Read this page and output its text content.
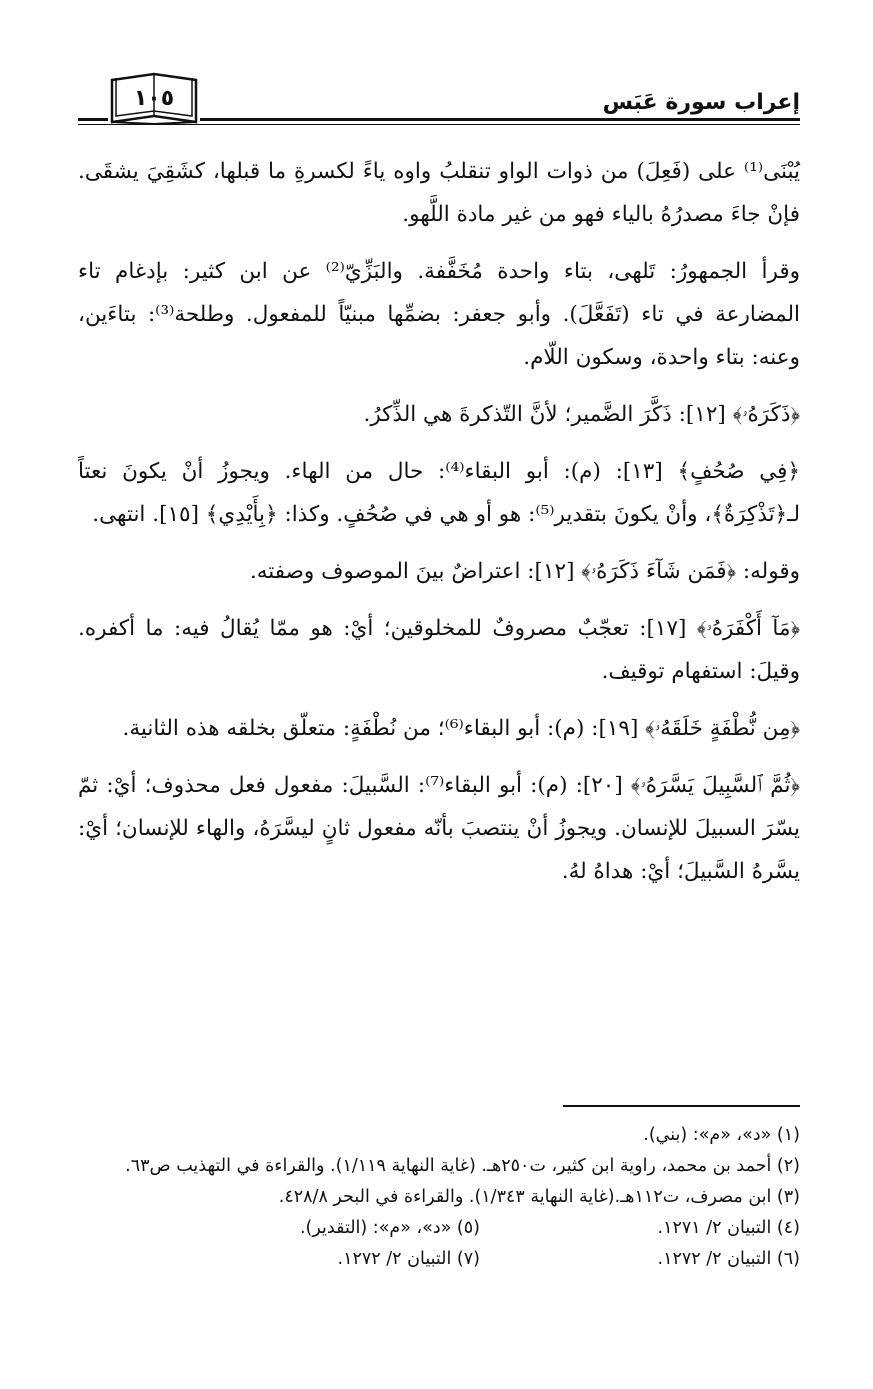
إعراب سورة عَبَس
١٠٥

يُبْنَى⁽¹⁾ على (فَعِلَ) من ذوات الواو تنقلبُ واوه ياءً لكسرةِ ما قبلها، كشَقِيَ يشقَى. فإنْ جاءَ مصدرُهُ بالياء فهو من غير مادة اللَّهو.

وقرأ الجمهورُ: تَلهى، بتاء واحدة مُخَفَّفة. والبَزِّيّ⁽²⁾ عن ابن كثير: بإدغام تاء المضارعة في تاء (تَفَعَّلَ). وأبو جعفر: بضمِّها مبنيّاً للمفعول. وطلحة⁽³⁾: بتاءَين، وعنه: بتاء واحدة، وسكون اللّام.

﴿ذَكَرَهُۥ﴾ [١٢]: ذَكَّرَ الضَّمير؛ لأنَّ التّذكرةَ هي الذِّكرُ.

﴿فِي صُحُفٍ﴾ [١٣]: (م): أبو البقاء⁽⁴⁾: حال من الهاء. ويجوزُ أنْ يكونَ نعتاً لـ﴿تَذْكِرَةٌ﴾، وأنْ يكونَ بتقدير⁽⁵⁾: هو أو هي في صُحُفٍ. وكذا: ﴿بِأَيْدِي﴾ [١٥]. انتهى.

وقوله: ﴿فَمَن شَآءَ ذَكَرَهُۥ﴾ [١٢]: اعتراضٌ بينَ الموصوف وصفته.

﴿مَآ أَكْفَرَهُۥ﴾ [١٧]: تعجّبٌ مصروفٌ للمخلوقين؛ أيْ: هو ممّا يُقالُ فيه: ما أكفره. وقيلَ: استفهام توقيف.

﴿مِن نُّطْفَةٍ خَلَقَهُۥ﴾ [١٩]: (م): أبو البقاء⁽⁶⁾؛ من نُطْفَةٍ: متعلّق بخلقه هذه الثانية.

﴿ثُمَّ ٱلسَّبِيلَ يَسَّرَهُۥ﴾ [٢٠]: (م): أبو البقاء⁽⁷⁾: السَّبيلَ: مفعول فعل محذوف؛ أيْ: ثمّ يسّرَ السبيلَ للإنسان. ويجوزُ أنْ ينتصبَ بأنّه مفعول ثانٍ ليسَّرَهُ، والهاء للإنسان؛ أيْ: يسَّرهُ السَّبيلَ؛ أيْ: هداهُ لهُ.

(١) «د»، «م»: (بني).

(٢) أحمد بن محمد، راوية ابن كثير، ت٢٥٠هـ. (غاية النهاية ١/١١٩). والقراءة في التهذيب ص٦٣.

(٣) ابن مصرف، ت١١٢هـ.(غاية النهاية ١/٣٤٣). والقراءة في البحر ٤٢٨/٨.

(٤) التبيان ٢/ ١٢٧١.

(٥) «د»، «م»: (التقدير).

(٦) التبيان ٢/ ١٢٧٢.

(٧) التبيان ٢/ ١٢٧٢.
